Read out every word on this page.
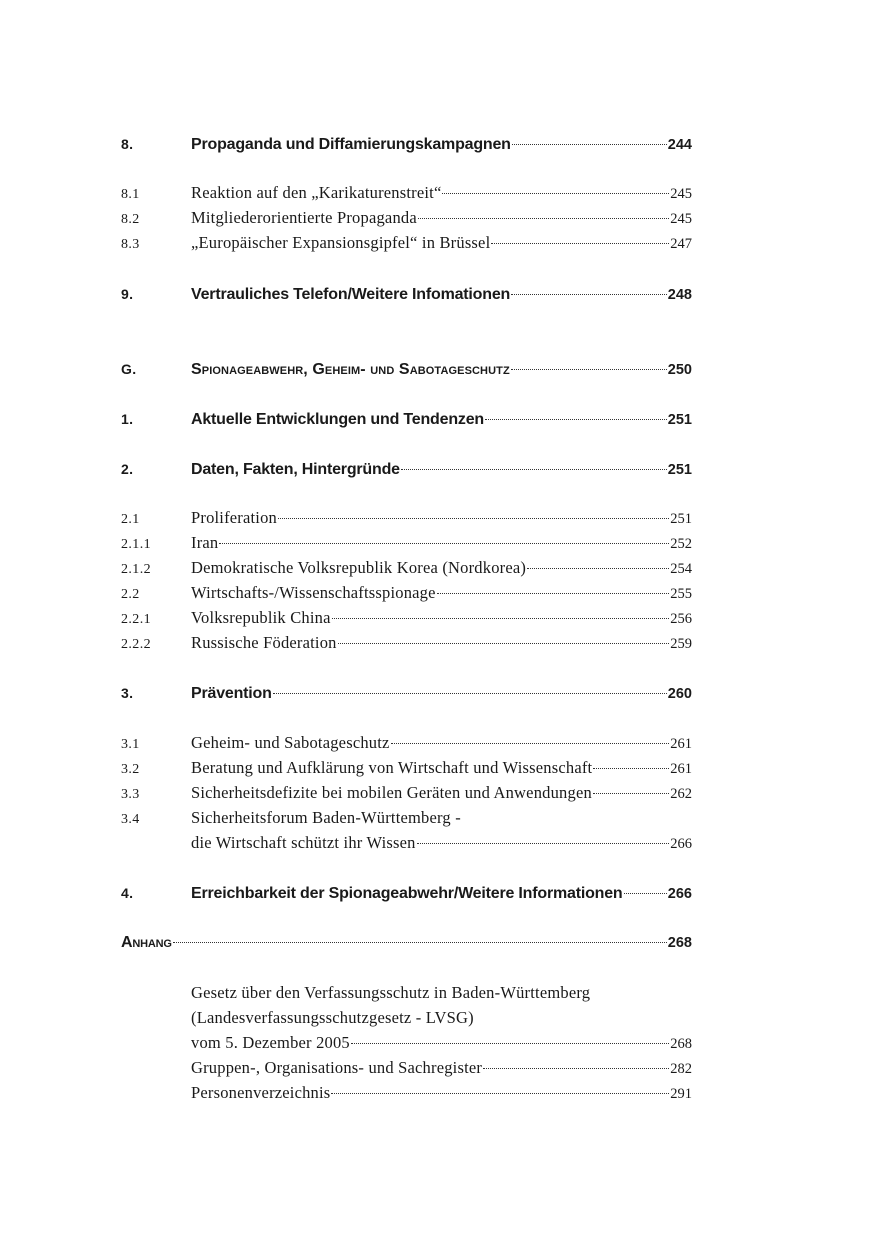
8.	Propaganda und Diffamierungskampagnen	244
8.1	Reaktion auf den „Karikaturenstreit“	245
8.2	Mitgliederorientierte Propaganda	245
8.3	„Europäischer Expansionsgipfel“ in Brüssel	247
9.	Vertrauliches Telefon/Weitere Infomationen	248
G.	Spionageabwehr, Geheim- und Sabotageschutz	250
1.	Aktuelle Entwicklungen und Tendenzen	251
2.	Daten, Fakten, Hintergründe	251
2.1	Proliferation	251
2.1.1	Iran	252
2.1.2	Demokratische Volksrepublik Korea (Nordkorea)	254
2.2	Wirtschafts-/Wissenschaftsspionage	255
2.2.1	Volksrepublik China	256
2.2.2	Russische Föderation	259
3.	Prävention	260
3.1	Geheim- und Sabotageschutz	261
3.2	Beratung und Aufklärung von Wirtschaft und Wissenschaft	261
3.3	Sicherheitsdefizite bei mobilen Geräten und Anwendungen	262
3.4	Sicherheitsforum Baden-Württemberg -
die Wirtschaft schützt ihr Wissen	266
4.	Erreichbarkeit der Spionageabwehr/Weitere Informationen	266
Anhang	268
Gesetz über den Verfassungsschutz in Baden-Württemberg
(Landesverfassungsschutzgesetz - LVSG)
vom 5. Dezember 2005	268
Gruppen-, Organisations- und Sachregister	282
Personenverzeichnis	291
